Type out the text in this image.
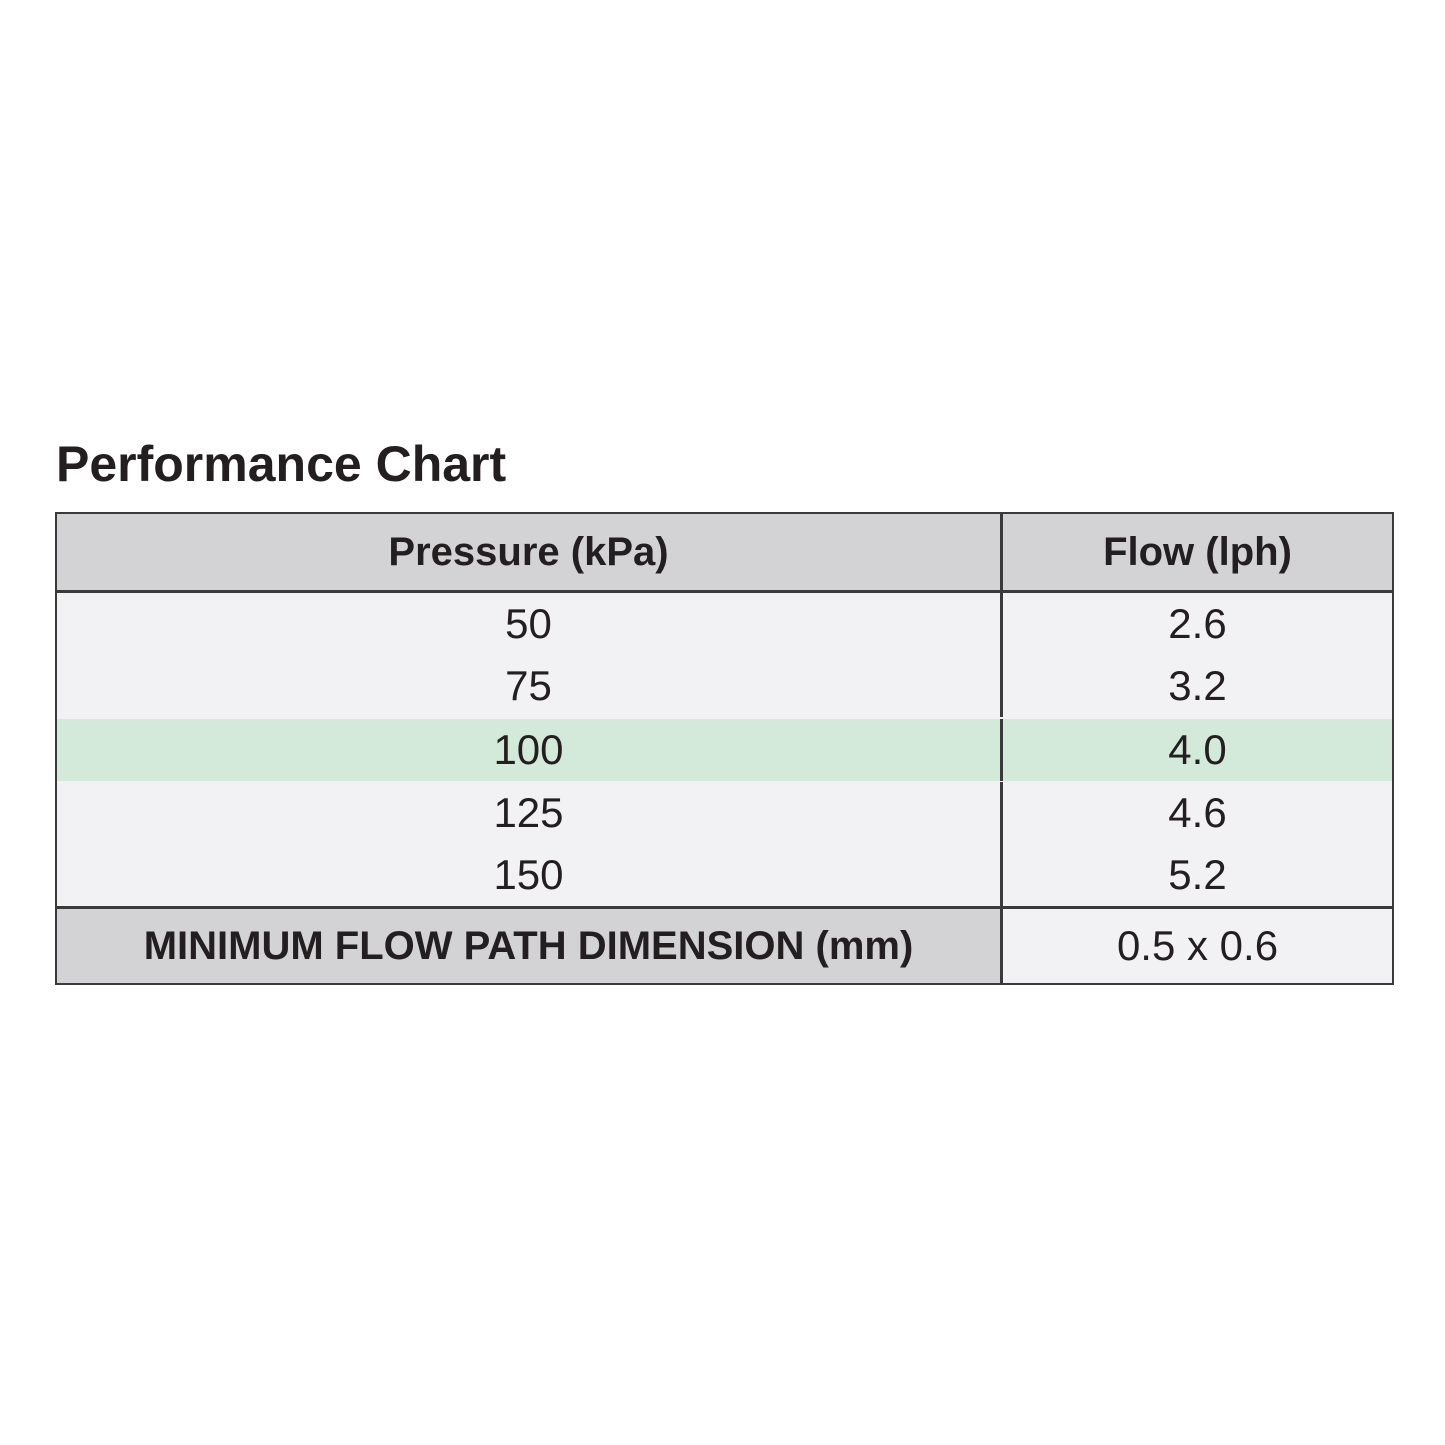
Performance Chart
Pressure (kPa)	Flow (lph)
50	2.6
75	3.2
100	4.0
125	4.6
150	5.2
MINIMUM FLOW PATH DIMENSION (mm)	0.5 x 0.6
